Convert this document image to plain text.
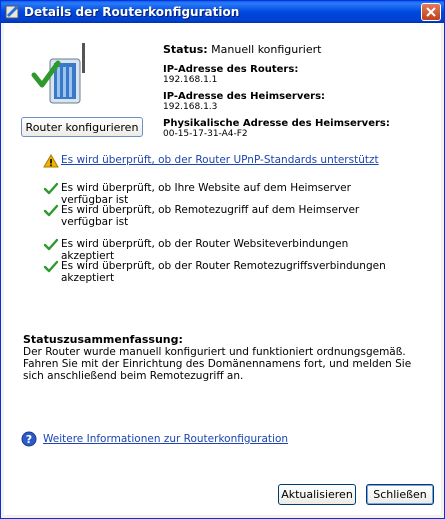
Details der Routerkonfiguration
Router konfigurieren
Status: Manuell konfiguriert
IP-Adresse des Routers:
192.168.1.1
IP-Adresse des Heimservers:
192.168.1.3
Physikalische Adresse des Heimservers:
00-15-17-31-A4-F2
Es wird überprüft, ob der Router UPnP-Standards unterstützt
Es wird überprüft, ob Ihre Website auf dem Heimserver verfügbar ist
Es wird überprüft, ob Remotezugriff auf dem Heimserver verfügbar ist
Es wird überprüft, ob der Router Websiteverbindungen akzeptiert
Es wird überprüft, ob der Router Remotezugriffsverbindungen akzeptiert
Statuszusammenfassung:
Der Router wurde manuell konfiguriert und funktioniert ordnungsgemäß. Fahren Sie mit der Einrichtung des Domänennamens fort, und melden Sie sich anschließend beim Remotezugriff an.
? Weitere Informationen zur Routerkonfiguration
Aktualisieren	Schließen
